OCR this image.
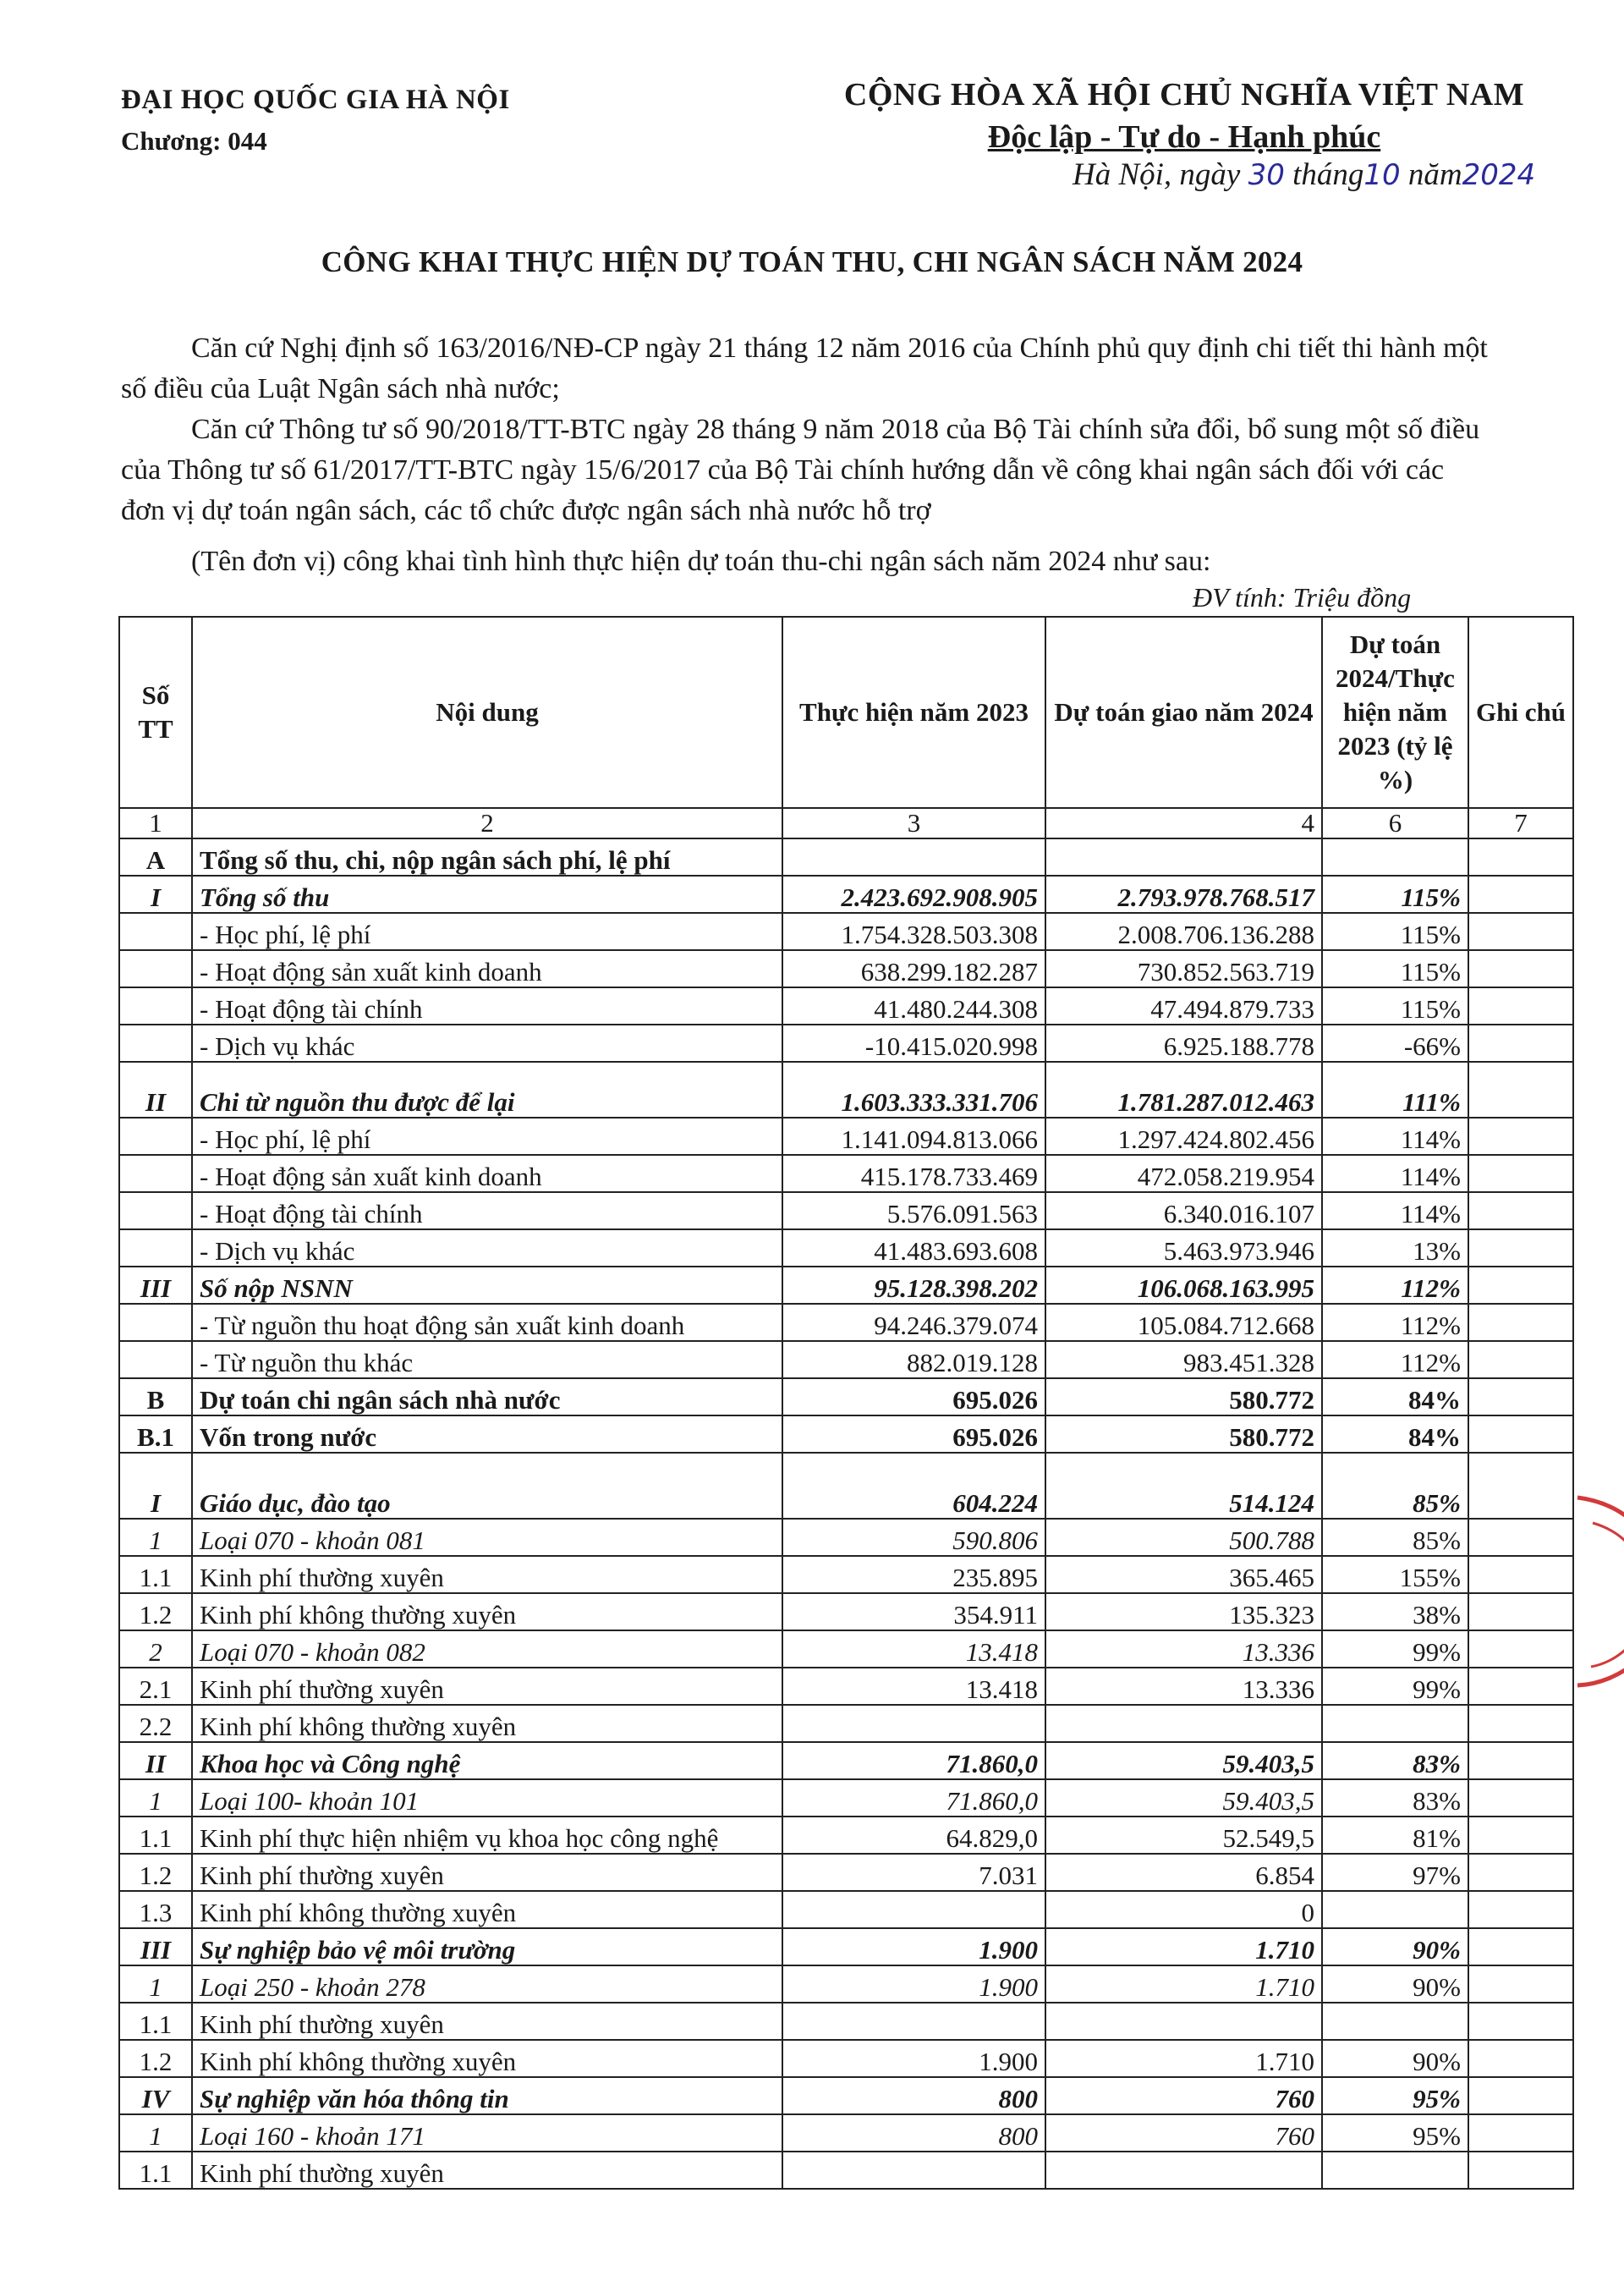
ĐẠI HỌC QUỐC GIA HÀ NỘI
Chương: 044
CỘNG HÒA XÃ HỘI CHỦ NGHĨA VIỆT NAM
Độc lập - Tự do - Hạnh phúc
Hà Nội, ngày 30 tháng10 năm2024
CÔNG KHAI THỰC HIỆN DỰ TOÁN THU, CHI NGÂN SÁCH NĂM 2024
Căn cứ Nghị định số 163/2016/NĐ-CP ngày 21 tháng 12 năm 2016 của Chính phủ quy định chi tiết thi hành một số điều của Luật Ngân sách nhà nước;
Căn cứ Thông tư số 90/2018/TT-BTC ngày 28 tháng 9 năm 2018 của Bộ Tài chính sửa đổi, bổ sung một số điều của Thông tư số 61/2017/TT-BTC ngày 15/6/2017 của Bộ Tài chính hướng dẫn về công khai ngân sách đối với các đơn vị dự toán ngân sách, các tổ chức được ngân sách nhà nước hỗ trợ
(Tên đơn vị) công khai tình hình thực hiện dự toán thu-chi ngân sách năm 2024 như sau:
ĐV tính: Triệu đồng
Số TT	Nội dung	Thực hiện năm 2023	Dự toán giao năm 2024	Dự toán 2024/Thực hiện năm 2023 (tỷ lệ %)	Ghi chú
1	2	3	4	6	7
A	Tổng số thu, chi, nộp ngân sách phí, lệ phí				
I	Tổng số thu	2.423.692.908.905	2.793.978.768.517	115%	
	- Học phí, lệ phí	1.754.328.503.308	2.008.706.136.288	115%	
	- Hoạt động sản xuất kinh doanh	638.299.182.287	730.852.563.719	115%	
	- Hoạt động tài chính	41.480.244.308	47.494.879.733	115%	
	- Dịch vụ khác	-10.415.020.998	6.925.188.778	-66%	
II	Chi từ nguồn thu được để lại	1.603.333.331.706	1.781.287.012.463	111%	
	- Học phí, lệ phí	1.141.094.813.066	1.297.424.802.456	114%	
	- Hoạt động sản xuất kinh doanh	415.178.733.469	472.058.219.954	114%	
	- Hoạt động tài chính	5.576.091.563	6.340.016.107	114%	
	- Dịch vụ khác	41.483.693.608	5.463.973.946	13%	
III	Số nộp NSNN	95.128.398.202	106.068.163.995	112%	
	- Từ nguồn thu hoạt động sản xuất kinh doanh	94.246.379.074	105.084.712.668	112%	
	- Từ nguồn thu khác	882.019.128	983.451.328	112%	
B	Dự toán chi ngân sách nhà nước	695.026	580.772	84%	
B.1	Vốn trong nước	695.026	580.772	84%	
I	Giáo dục, đào tạo	604.224	514.124	85%	
1	Loại 070 - khoản 081	590.806	500.788	85%	
1.1	Kinh phí thường xuyên	235.895	365.465	155%	
1.2	Kinh phí không thường xuyên	354.911	135.323	38%	
2	Loại 070 - khoản 082	13.418	13.336	99%	
2.1	Kinh phí thường xuyên	13.418	13.336	99%	
2.2	Kinh phí không thường xuyên				
II	Khoa học và Công nghệ	71.860,0	59.403,5	83%	
1	Loại 100- khoản 101	71.860,0	59.403,5	83%	
1.1	Kinh phí thực hiện nhiệm vụ khoa học công nghệ	64.829,0	52.549,5	81%	
1.2	Kinh phí thường xuyên	7.031	6.854	97%	
1.3	Kinh phí không thường xuyên		0		
III	Sự nghiệp bảo vệ môi trường	1.900	1.710	90%	
1	Loại 250 - khoản 278	1.900	1.710	90%	
1.1	Kinh phí thường xuyên				
1.2	Kinh phí không thường xuyên	1.900	1.710	90%	
IV	Sự nghiệp văn hóa thông tin	800	760	95%	
1	Loại 160 - khoản 171	800	760	95%	
1.1	Kinh phí thường xuyên				
